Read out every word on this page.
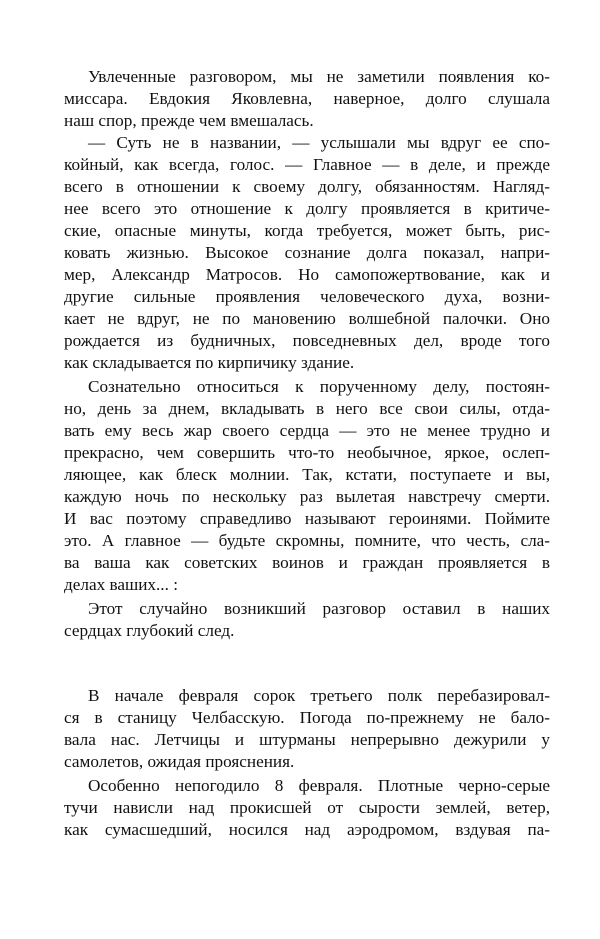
Увлеченные разговором, мы не заметили появления ко-
миссара. Евдокия Яковлевна, наверное, долго слушала
наш спор, прежде чем вмешалась.
— Суть не в названии, — услышали мы вдруг ее спо-
койный, как всегда, голос. — Главное — в деле, и прежде
всего в отношении к своему долгу, обязанностям. Нагляд-
нее всего это отношение к долгу проявляется в критиче-
ские, опасные минуты, когда требуется, может быть, рис-
ковать жизнью. Высокое сознание долга показал, напри-
мер, Александр Матросов. Но самопожертвование, как и
другие сильные проявления человеческого духа, возни-
кает не вдруг, не по мановению волшебной палочки. Оно
рождается из будничных, повседневных дел, вроде того
как складывается по кирпичику здание.
Сознательно относиться к порученному делу, постоян-
но, день за днем, вкладывать в него все свои силы, отда-
вать ему весь жар своего сердца — это не менее трудно и
прекрасно, чем совершить что-то необычное, яркое, ослеп-
ляющее, как блеск молнии. Так, кстати, поступаете и вы,
каждую ночь по нескольку раз вылетая навстречу смерти.
И вас поэтому справедливо называют героинями. Поймите
это. А главное — будьте скромны, помните, что честь, сла-
ва ваша как советских воинов и граждан проявляется в
делах ваших... :
Этот случайно возникший разговор оставил в наших
сердцах глубокий след.
В начале февраля сорок третьего полк перебазировал-
ся в станицу Челбасскую. Погода по-прежнему не бало-
вала нас. Летчицы и штурманы непрерывно дежурили у
самолетов, ожидая прояснения.
Особенно непогодило 8 февраля. Плотные черно-серые
тучи нависли над прокисшей от сырости землей, ветер,
как сумасшедший, носился над аэродромом, вздувая па-
